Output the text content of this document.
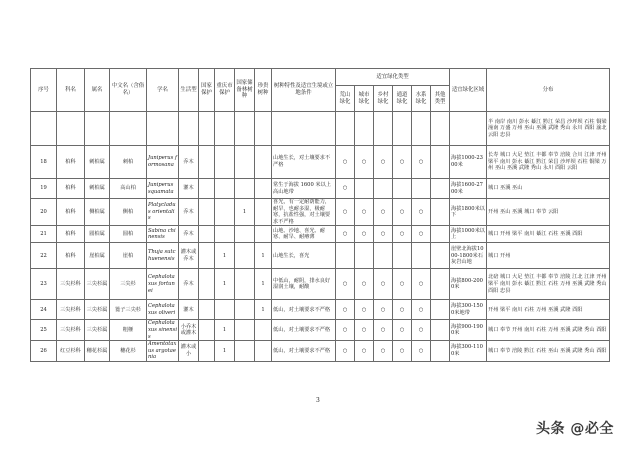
序号	科名	属名	中文名（含俗名）	学名	生活型	国家保护	重庆市保护	国家储备林树种	珍贵树种	树种特性及适宜生境或立地条件	适宜绿化类型						适宜绿化区域	分布
											荒山绿化	城市绿化	乡村绿化	通道绿化	水系绿化	其他类型		
																		半 南岸 南川 彭水 綦江 黔江 荣昌 沙坪坝 石柱 铜梁 潼南 万盛 万州 巫山 巫溪 武隆 秀山 永川 酉阳 渝北 云阳 忠县
18	柏科	刺柏属	刺柏	Juniperus formosana	乔木					山地生长，对土壤要求不严格	○	○	○	○	○		海拔1000-2300米	长寿 城口 大足 垫江 丰都 奉节 涪陵 合川 江津 开州 梁平 南川 彭水 綦江 黔江 荣昌 沙坪坝 石柱 铜梁 万州 巫山 巫溪 武隆 秀山 永川 酉阳 云阳
19	柏科	刺柏属	高山柏	Juniperus squamata	灌木					常生于海拔 1600 米以上高山地带	○						海拔1600-2700米	城口 巫溪 巫山
20	柏科	侧柏属	侧柏	Platycladus orientalis	乔木			1		喜光，有一定耐荫能力，耐旱，也耐多湿，极耐寒，抗盐性强，对土壤要求不严格	○	○	○	○	○		海拔1800米以下	开州 巫山 巫溪 城口 奉节 云阳
21	柏科	圆柏属	圆柏	Sabina chinensis	乔木					山地、沙地、喜光、耐寒、耐旱、耐瘠薄	○	○	○	○	○		海拔1000米以上	城口 开州 梁平 南川 綦江 石柱 巫溪 酉阳
22	柏科	崖柏属	崖柏	Thuja sutchuenensis	灌木或乔木		1		1	山地生长，喜光							崖壁北海拔1000-1800米石灰岩山地	城口 开州
23	三尖杉科	三尖杉属	三尖杉	Cephalotaxus fortunei	乔木		1		1	中低山，耐阴，排水良好湿润土壤，耐酸	○	○	○	○	○		海拔800-2000米	北碚 城口 大足 垫江 丰都 奉节 涪陵 江北 江津 开州 梁平 南川 彭水 綦江 黔江 石柱 万州 巫溪 武隆 秀山 酉阳 忠县
24	三尖杉科	三尖杉属	篦子三尖杉	Cephalotaxus oliveri	灌木				1	低山，对土壤要求不严格	○	○	○	○	○		海拔300-1500米地带	开州 梁平 南川 石柱 万州 巫溪 武隆 酉阳
25	三尖杉科	三尖杉属	粗榧	Cephalotaxus sinensis	小乔木或灌木		1			低山，对土壤要求不严格	○	○	○	○	○		海拔900-1900米	城口 奉节 开州 南川 石柱 万州 巫溪 武隆 秀山 酉阳
26	红豆杉科	穗花杉属	穗花杉	Amentotaxus argotaenia	灌木或小		1			低山，对土壤要求不严格	○	○	○	○	○		海拔300-1100米	城口 奉节 涪陵 黔江 石柱 巫山 巫溪 武隆 秀山 酉阳
3
头条 @必全
